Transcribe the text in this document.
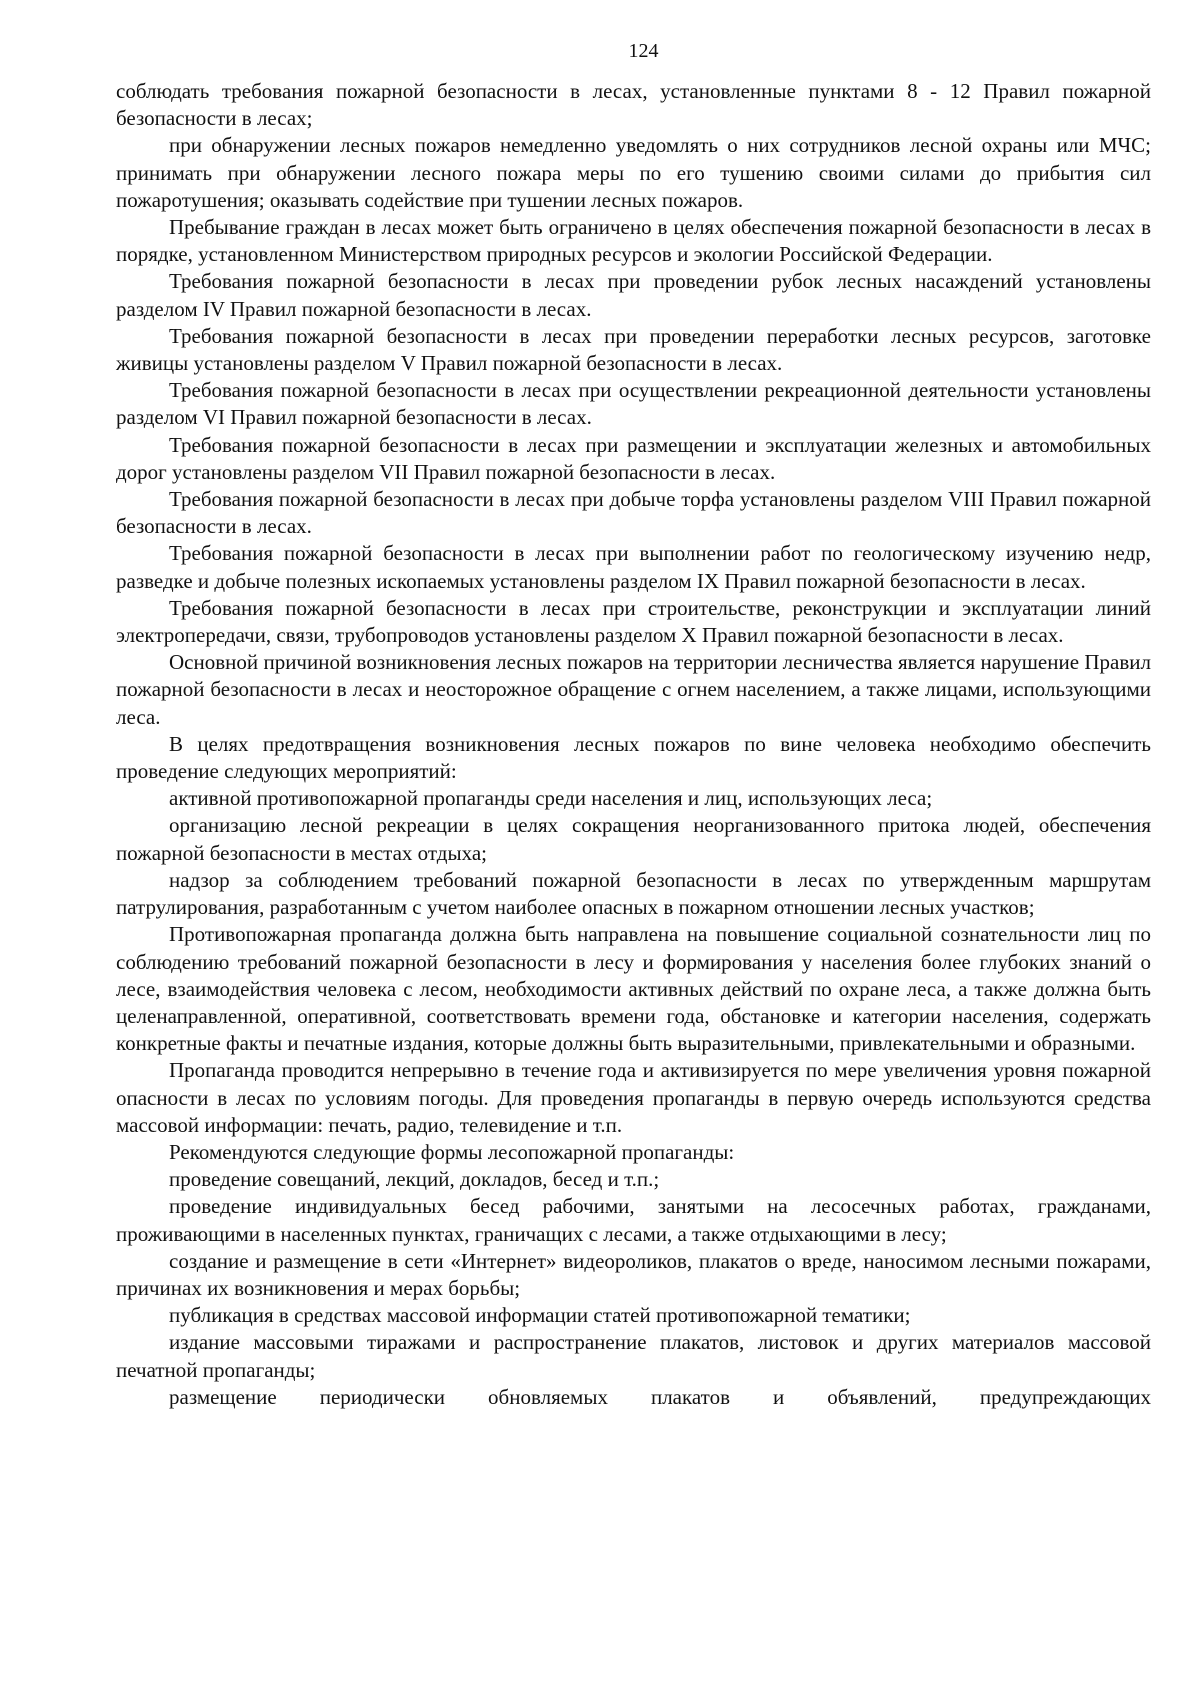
124

соблюдать требования пожарной безопасности в лесах, установленные пунктами 8 - 12 Правил пожарной безопасности в лесах;

при обнаружении лесных пожаров немедленно уведомлять о них сотрудников лесной охраны или МЧС; принимать при обнаружении лесного пожара меры по его тушению своими силами до прибытия сил пожаротушения; оказывать содействие при тушении лесных пожаров.

Пребывание граждан в лесах может быть ограничено в целях обеспечения пожарной безопасности в лесах в порядке, установленном Министерством природных ресурсов и экологии Российской Федерации.

Требования пожарной безопасности в лесах при проведении рубок лесных насаждений установлены разделом IV Правил пожарной безопасности в лесах.

Требования пожарной безопасности в лесах при проведении переработки лесных ресурсов, заготовке живицы установлены разделом V Правил пожарной безопасности в лесах.

Требования пожарной безопасности в лесах при осуществлении рекреационной деятельности установлены разделом VI Правил пожарной безопасности в лесах.

Требования пожарной безопасности в лесах при размещении и эксплуатации железных и автомобильных дорог установлены разделом VII Правил пожарной безопасности в лесах.

Требования пожарной безопасности в лесах при добыче торфа установлены разделом VIII Правил пожарной безопасности в лесах.

Требования пожарной безопасности в лесах при выполнении работ по геологическому изучению недр, разведке и добыче полезных ископаемых установлены разделом IX Правил пожарной безопасности в лесах.

Требования пожарной безопасности в лесах при строительстве, реконструкции и эксплуатации линий электропередачи, связи, трубопроводов установлены разделом X Правил пожарной безопасности в лесах.

Основной причиной возникновения лесных пожаров на территории лесничества является нарушение Правил пожарной безопасности в лесах и неосторожное обращение с огнем населением, а также лицами, использующими леса.

В целях предотвращения возникновения лесных пожаров по вине человека необходимо обеспечить проведение следующих мероприятий:

активной противопожарной пропаганды среди населения и лиц, использующих леса;

организацию лесной рекреации в целях сокращения неорганизованного притока людей, обеспечения пожарной безопасности в местах отдыха;

надзор за соблюдением требований пожарной безопасности в лесах по утвержденным маршрутам патрулирования, разработанным с учетом наиболее опасных в пожарном отношении лесных участков;

Противопожарная пропаганда должна быть направлена на повышение социальной сознательности лиц по соблюдению требований пожарной безопасности в лесу и формирования у населения более глубоких знаний о лесе, взаимодействия человека с лесом, необходимости активных действий по охране леса, а также должна быть целенаправленной, оперативной, соответствовать времени года, обстановке и категории населения, содержать конкретные факты и печатные издания, которые должны быть выразительными, привлекательными и образными.

Пропаганда проводится непрерывно в течение года и активизируется по мере увеличения уровня пожарной опасности в лесах по условиям погоды. Для проведения пропаганды в первую очередь используются средства массовой информации: печать, радио, телевидение и т.п.

Рекомендуются следующие формы лесопожарной пропаганды:

проведение совещаний, лекций, докладов, бесед и т.п.;

проведение индивидуальных бесед рабочими, занятыми на лесосечных работах, гражданами, проживающими в населенных пунктах, граничащих с лесами, а также отдыхающими в лесу;

создание и размещение в сети «Интернет» видеороликов, плакатов о вреде, наносимом лесными пожарами, причинах их возникновения и мерах борьбы;

публикация в средствах массовой информации статей противопожарной тематики;

издание массовыми тиражами и распространение плакатов, листовок и других материалов массовой печатной пропаганды;

размещение периодически обновляемых плакатов и объявлений, предупреждающих
